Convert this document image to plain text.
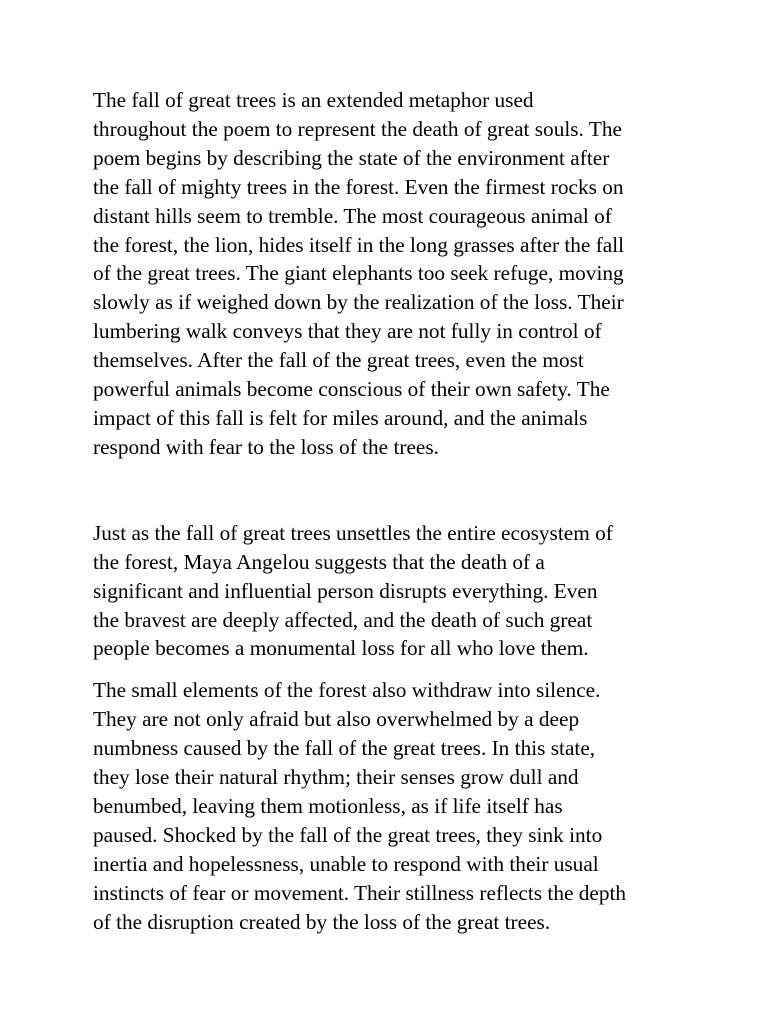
The fall of great trees is an extended metaphor used
throughout the poem to represent the death of great souls. The
poem begins by describing the state of the environment after
the fall of mighty trees in the forest. Even the firmest rocks on
distant hills seem to tremble. The most courageous animal of
the forest, the lion, hides itself in the long grasses after the fall
of the great trees. The giant elephants too seek refuge, moving
slowly as if weighed down by the realization of the loss. Their
lumbering walk conveys that they are not fully in control of
themselves. After the fall of the great trees, even the most
powerful animals become conscious of their own safety. The
impact of this fall is felt for miles around, and the animals
respond with fear to the loss of the trees.

Just as the fall of great trees unsettles the entire ecosystem of
the forest, Maya Angelou suggests that the death of a
significant and influential person disrupts everything. Even
the bravest are deeply affected, and the death of such great
people becomes a monumental loss for all who love them.

The small elements of the forest also withdraw into silence.
They are not only afraid but also overwhelmed by a deep
numbness caused by the fall of the great trees. In this state,
they lose their natural rhythm; their senses grow dull and
benumbed, leaving them motionless, as if life itself has
paused. Shocked by the fall of the great trees, they sink into
inertia and hopelessness, unable to respond with their usual
instincts of fear or movement. Their stillness reflects the depth
of the disruption created by the loss of the great trees.
